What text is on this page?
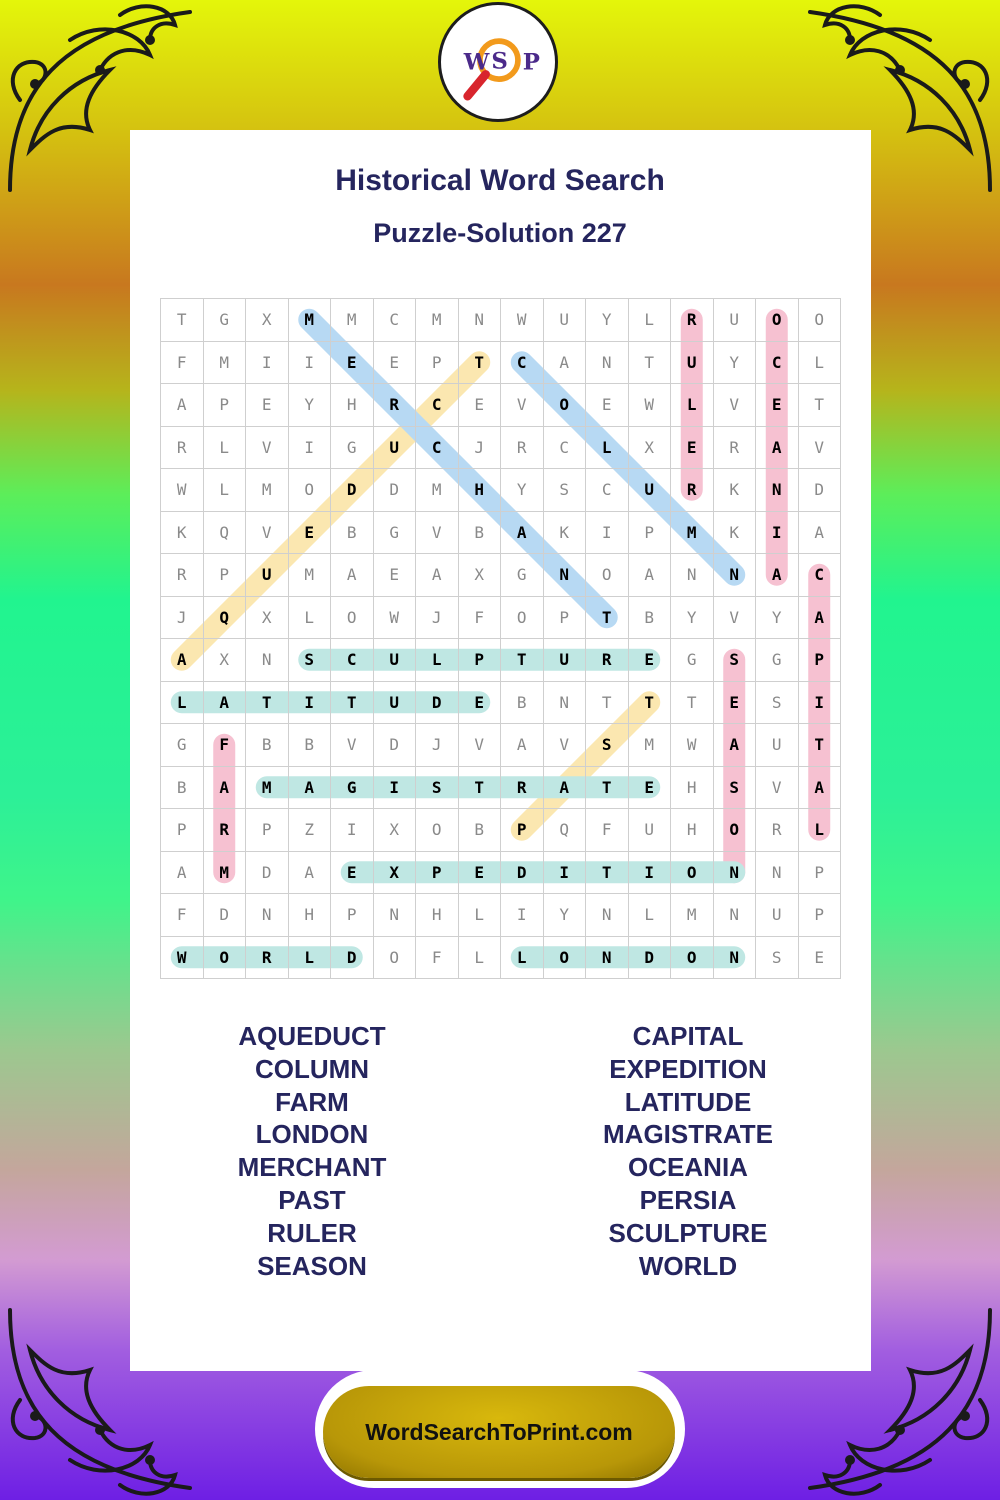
W S P
Historical Word Search
Puzzle-Solution 227
T	G	X	M	M	C	M	N	W	U	Y	L	R	U	O	O
F	M	I	I	E	E	P	T	C	A	N	T	U	Y	C	L
A	P	E	Y	H	R	C	E	V	O	E	W	L	V	E	T
R	L	V	I	G	U	C	J	R	C	L	X	E	R	A	V
W	L	M	O	D	D	M	H	Y	S	C	U	R	K	N	D
K	Q	V	E	B	G	V	B	A	K	I	P	M	K	I	A
R	P	U	M	A	E	A	X	G	N	O	A	N	N	A	C
J	Q	X	L	O	W	J	F	O	P	T	B	Y	V	Y	A
A	X	N	S	C	U	L	P	T	U	R	E	G	S	G	P
L	A	T	I	T	U	D	E	B	N	T	T	T	E	S	I
G	F	B	B	V	D	J	V	A	V	S	M	W	A	U	T
B	A	M	A	G	I	S	T	R	A	T	E	H	S	V	A
P	R	P	Z	I	X	O	B	P	Q	F	U	H	O	R	L
A	M	D	A	E	X	P	E	D	I	T	I	O	N	N	P
F	D	N	H	P	N	H	L	I	Y	N	L	M	N	U	P
W	O	R	L	D	O	F	L	L	O	N	D	O	N	S	E
AQUEDUCT
COLUMN
FARM
LONDON
MERCHANT
PAST
RULER
SEASON
CAPITAL
EXPEDITION
LATITUDE
MAGISTRATE
OCEANIA
PERSIA
SCULPTURE
WORLD
WordSearchToPrint.com
